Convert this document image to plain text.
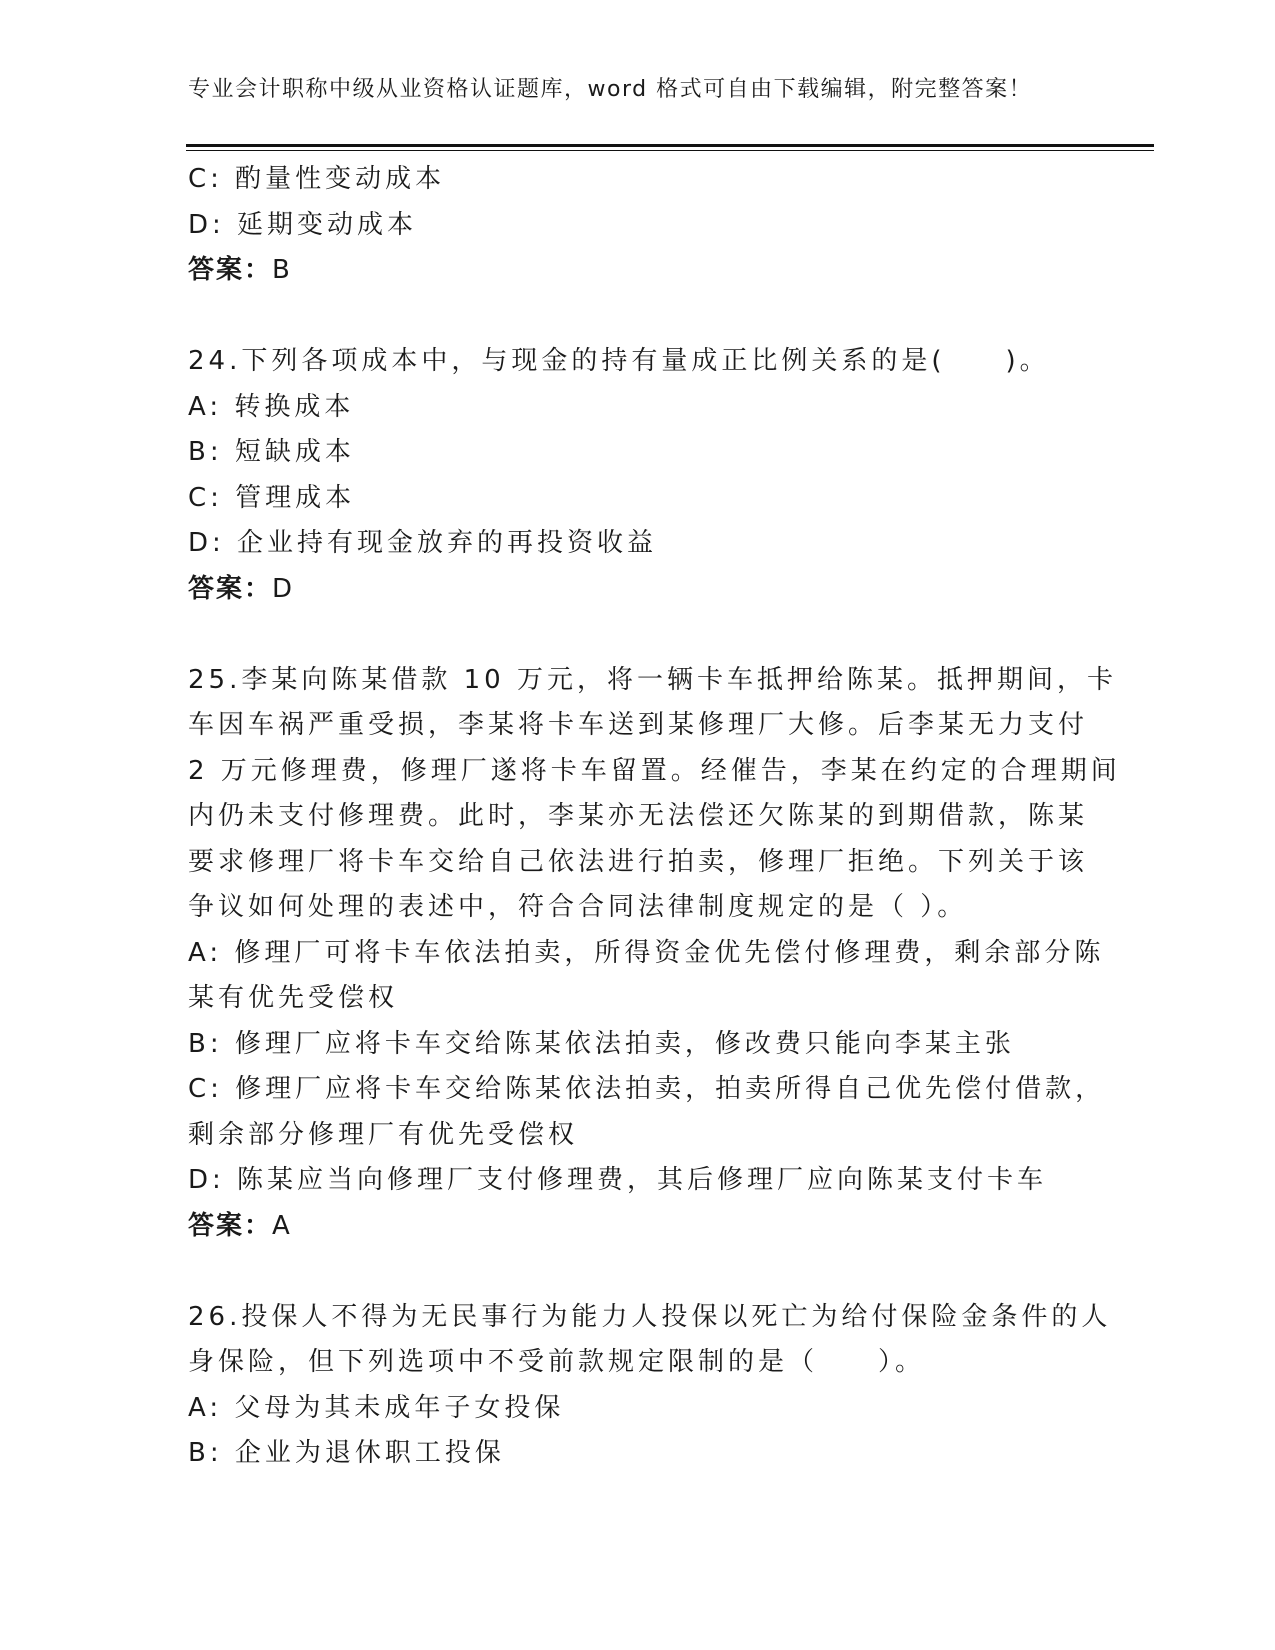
专业会计职称中级从业资格认证题库，word 格式可自由下载编辑，附完整答案！
C: 酌量性变动成本
D: 延期变动成本
答案：B
24.下列各项成本中，与现金的持有量成正比例关系的是(　　)。
A: 转换成本
B: 短缺成本
C: 管理成本
D: 企业持有现金放弃的再投资收益
答案：D
25.李某向陈某借款 10 万元，将一辆卡车抵押给陈某。抵押期间，卡
车因车祸严重受损，李某将卡车送到某修理厂大修。后李某无力支付
2 万元修理费，修理厂遂将卡车留置。经催告，李某在约定的合理期间
内仍未支付修理费。此时，李某亦无法偿还欠陈某的到期借款，陈某
要求修理厂将卡车交给自己依法进行拍卖，修理厂拒绝。下列关于该
争议如何处理的表述中，符合合同法律制度规定的是（ ）。
A: 修理厂可将卡车依法拍卖，所得资金优先偿付修理费，剩余部分陈
某有优先受偿权
B: 修理厂应将卡车交给陈某依法拍卖，修改费只能向李某主张
C: 修理厂应将卡车交给陈某依法拍卖，拍卖所得自己优先偿付借款，
剩余部分修理厂有优先受偿权
D: 陈某应当向修理厂支付修理费，其后修理厂应向陈某支付卡车
答案：A
26.投保人不得为无民事行为能力人投保以死亡为给付保险金条件的人
身保险，但下列选项中不受前款规定限制的是（　　）。
A: 父母为其未成年子女投保
B: 企业为退休职工投保
